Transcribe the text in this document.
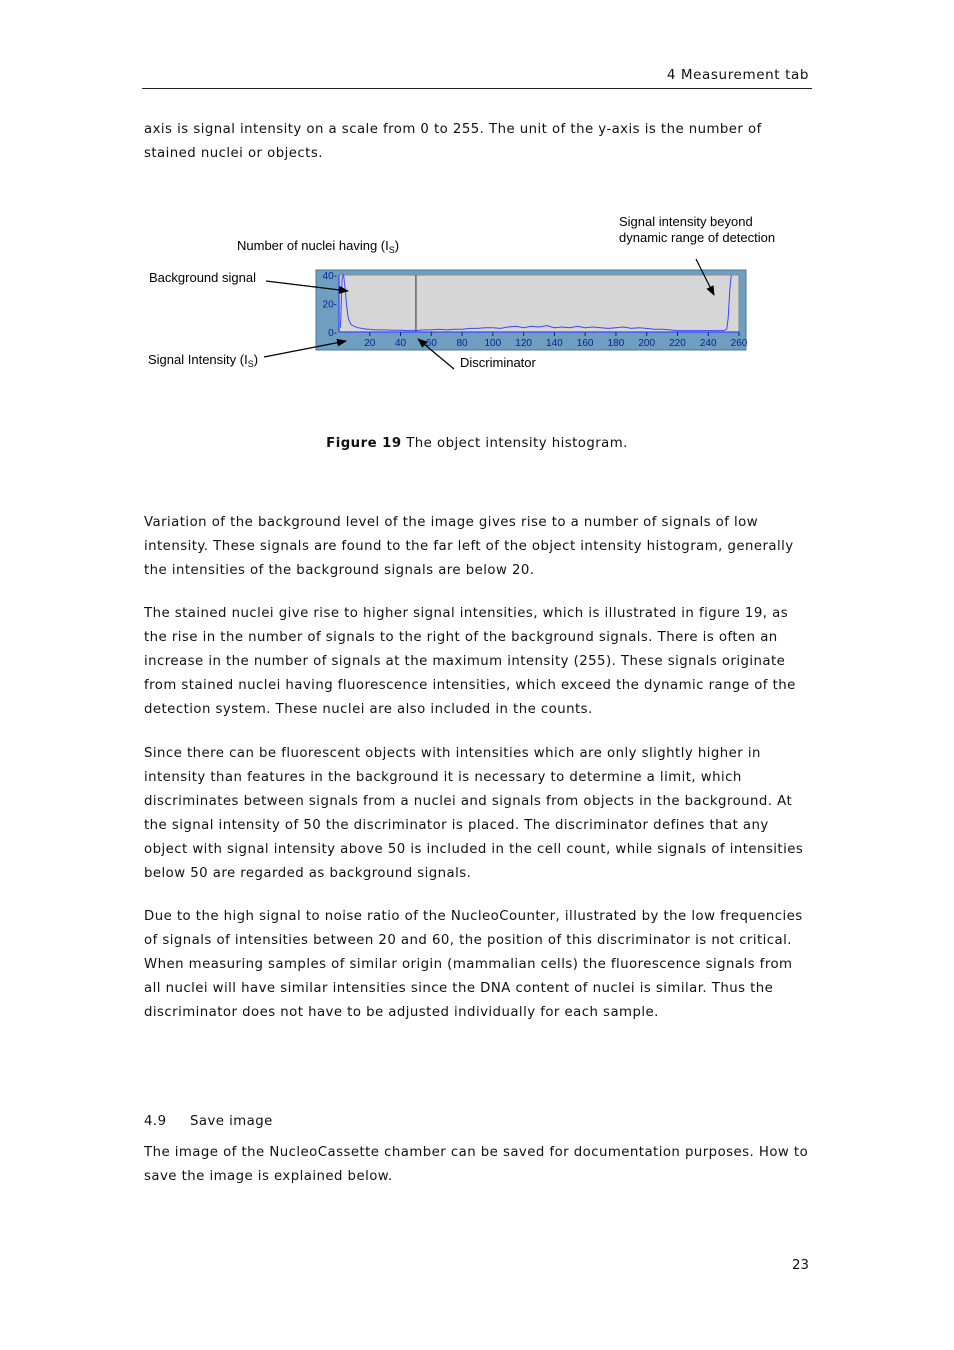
4 Measurement tab

axis is signal intensity on a scale from 0 to 255. The unit of the y-axis is the number of stained nuclei or objects.

40-
20-
0-
20 40 60 80 100 120 140 160 180 200 220 240 260
Number of nuclei having $(I_S)$
Background signal
Signal Intensity $(I_S)$	Discriminator
Signal intensity beyond
dynamic range of detection
Figure 19 The object intensity histogram.

Variation of the background level of the image gives rise to a number of signals of low intensity. These signals are found to the far left of the object intensity histogram, generally the intensities of the background signals are below 20.

The stained nuclei give rise to higher signal intensities, which is illustrated in figure 19, as the rise in the number of signals to the right of the background signals. There is often an increase in the number of signals at the maximum intensity (255). These signals originate from stained nuclei having fluorescence intensities, which exceed the dynamic range of the detection system. These nuclei are also included in the counts.

Since there can be fluorescent objects with intensities which are only slightly higher in intensity than features in the background it is necessary to determine a limit, which discriminates between signals from a nuclei and signals from objects in the background. At the signal intensity of 50 the discriminator is placed. The discriminator defines that any object with signal intensity above 50 is included in the cell count, while signals of intensities below 50 are regarded as background signals.

Due to the high signal to noise ratio of the NucleoCounter, illustrated by the low frequencies of signals of intensities between 20 and 60, the position of this discriminator is not critical. When measuring samples of similar origin (mammalian cells) the fluorescence signals from all nuclei will have similar intensities since the DNA content of nuclei is similar. Thus the discriminator does not have to be adjusted individually for each sample.

4.9 Save image

The image of the NucleoCassette chamber can be saved for documentation purposes. How to save the image is explained below.

23
